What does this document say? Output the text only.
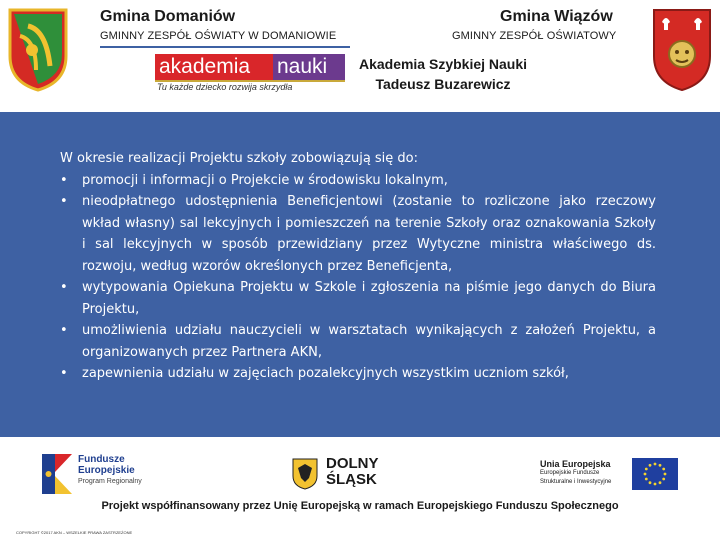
Gmina Domaniów
GMINNY ZESPÓŁ OŚWIATY W DOMANIOWIE
Gmina Wiązów
GMINNY ZESPÓŁ OŚWIATOWY
akademia	nauki
Tu każde dziecko rozwija skrzydła
Akademia Szybkiej Nauki
Tadeusz Buzarewicz
W okresie realizacji Projektu szkoły zobowiązują się do:
• promocji i informacji o Projekcie w środowisku lokalnym,
• nieodpłatnego udostępnienia Beneficjentowi (zostanie to rozliczone jako rzeczowy wkład własny) sal lekcyjnych i pomieszczeń na terenie Szkoły oraz oznakowania Szkoły i sal lekcyjnych w sposób przewidziany przez Wytyczne ministra właściwego ds. rozwoju, według wzorów określonych przez Beneficjenta,
• wytypowania Opiekuna Projektu w Szkole i zgłoszenia na piśmie jego danych do Biura Projektu,
• umożliwienia udziału nauczycieli w warsztatach wynikających z założeń Projektu, a organizowanych przez Partnera AKN,
• zapewnienia udziału w zajęciach pozalekcyjnych wszystkim uczniom szkół,
Fundusze
Europejskie
Program Regionalny
DOLNY
ŚLĄSK
Unia Europejska
Europejskie Fundusze
Strukturalne i Inwestycyjne
Projekt współfinansowany przez Unię Europejską w ramach Europejskiego Funduszu Społecznego
COPYRIGHT ©2017 AKN – WSZELKIE PRAWA ZASTRZEŻONE
